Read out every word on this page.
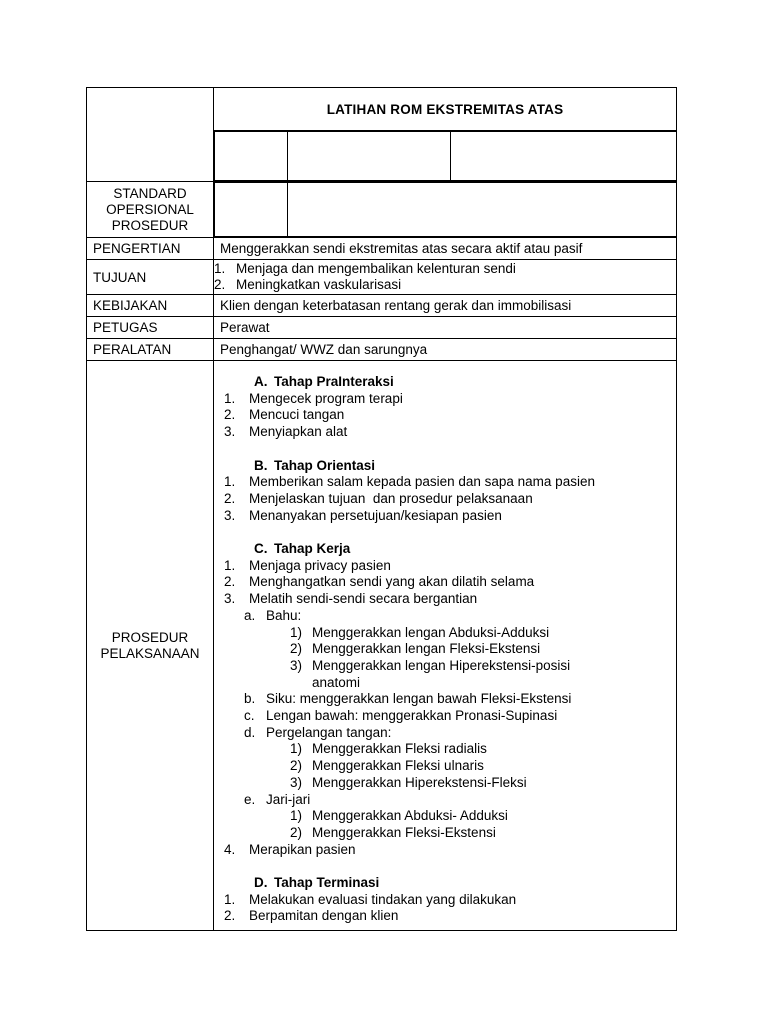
	LATIHAN ROM EKSTREMITAS ATAS

STANDARD
OPERSIONAL
PROSEDUR

PENGERTIAN	Menggerakkan sendi ekstremitas atas secara aktif atau pasif
TUJUAN	
1. Menjaga dan mengembalikan kelenturan sendi
2. Meningkatkan vaskularisasi

KEBIJAKAN	Klien dengan keterbatasan rentang gerak dan immobilisasi
PETUGAS	Perawat
PERALATAN	Penghangat/ WWZ dan sarungnya

PROSEDUR
PELAKSANAAN

A. Tahap PraInteraksi
1.	Mengecek program terapi
2.	Mencuci tangan
3.	Menyiapkan alat
B. Tahap Orientasi
1.	Memberikan salam kepada pasien dan sapa nama pasien
2.	Menjelaskan tujuan  dan prosedur pelaksanaan
3.	Menanyakan persetujuan/kesiapan pasien
C. Tahap Kerja
1.	Menjaga privacy pasien
2.	Menghangatkan sendi yang akan dilatih selama
3.	Melatih sendi-sendi secara bergantian
a. Bahu:
1) Menggerakkan lengan Abduksi-Adduksi
2) Menggerakkan lengan Fleksi-Ekstensi
3) Menggerakkan lengan Hiperekstensi-posisi
anatomi
b. Siku: menggerakkan lengan bawah Fleksi-Ekstensi
c. Lengan bawah: menggerakkan Pronasi-Supinasi
d. Pergelangan tangan:
1) Menggerakkan Fleksi radialis
2) Menggerakkan Fleksi ulnaris
3) Menggerakkan Hiperekstensi-Fleksi
e. Jari-jari
1) Menggerakkan Abduksi- Adduksi
2) Menggerakkan Fleksi-Ekstensi
4.	Merapikan pasien
D. Tahap Terminasi
1.	Melakukan evaluasi tindakan yang dilakukan
2.	Berpamitan dengan klien
